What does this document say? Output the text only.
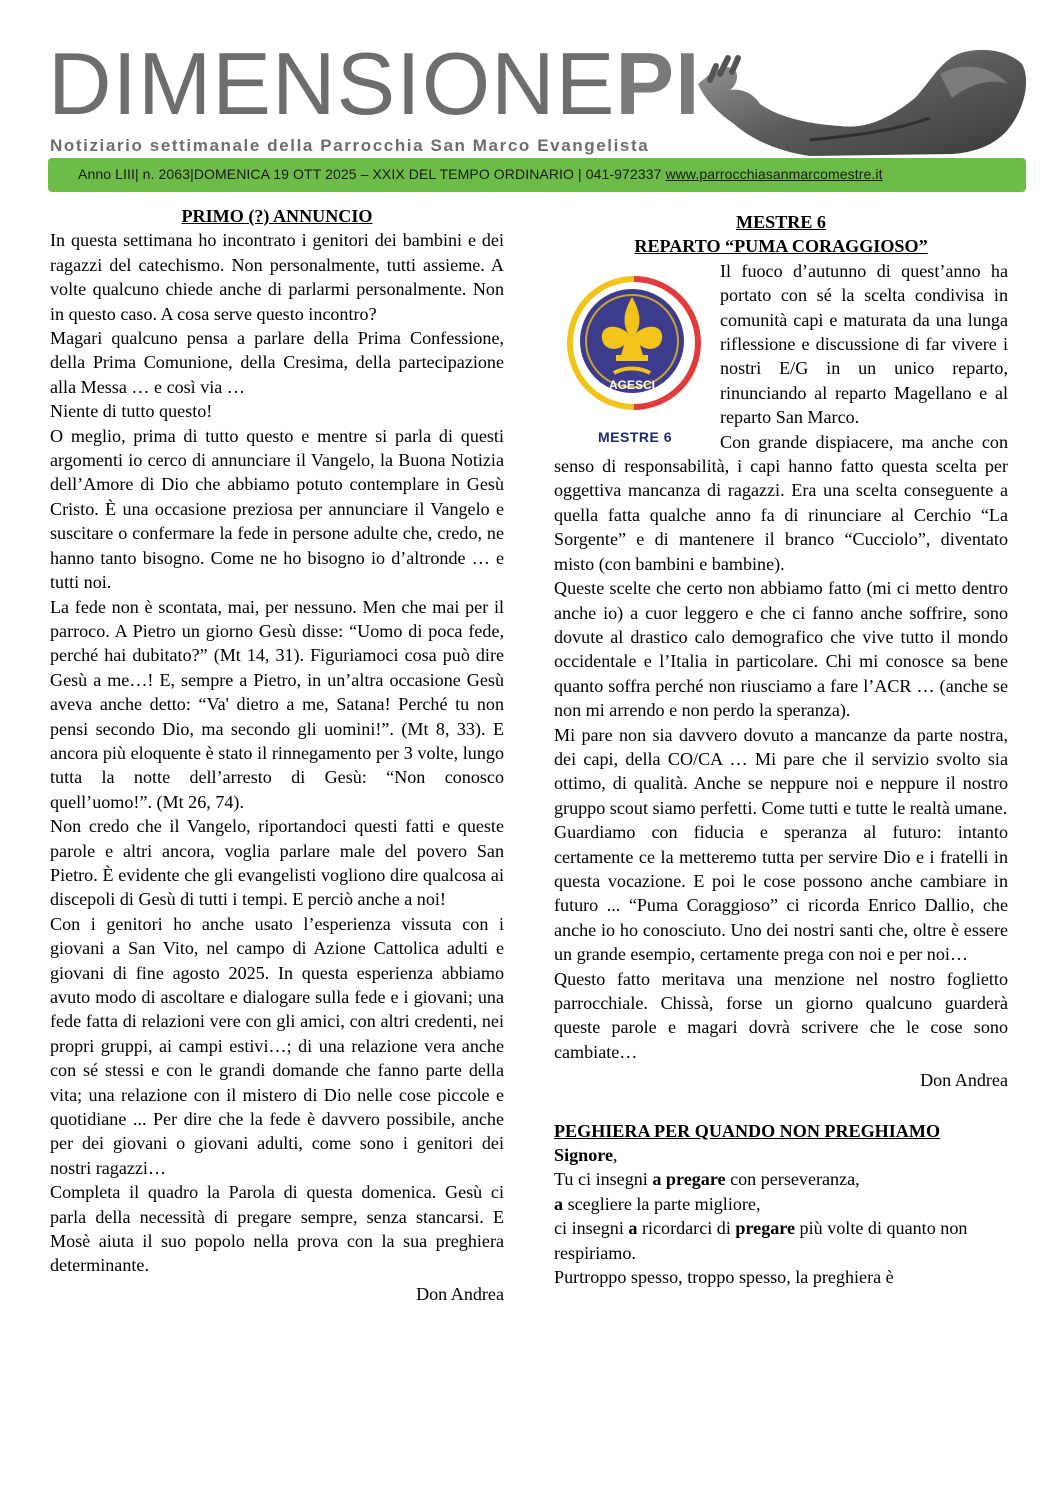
DIMENSIONEPI
Notiziario settimanale della Parrocchia San Marco Evangelista
Anno LIII| n. 2063|DOMENICA 19 OTT 2025 – XXIX DEL TEMPO ORDINARIO | 041-972337 www.parrocchiasanmarcomestre.it

PRIMO (?) ANNUNCIO

In questa settimana ho incontrato i genitori dei bambini e dei ragazzi del catechismo. Non personalmente, tutti assieme. A volte qualcuno chiede anche di parlarmi personalmente. Non in questo caso. A cosa serve questo incontro?

Magari qualcuno pensa a parlare della Prima Confessione, della Prima Comunione, della Cresima, della partecipazione alla Messa … e così via …

Niente di tutto questo!

O meglio, prima di tutto questo e mentre si parla di questi argomenti io cerco di annunciare il Vangelo, la Buona Notizia dell’Amore di Dio che abbiamo potuto contemplare in Gesù Cristo. È una occasione preziosa per annunciare il Vangelo e suscitare o confermare la fede in persone adulte che, credo, ne hanno tanto bisogno. Come ne ho bisogno io d’altronde … e tutti noi.

La fede non è scontata, mai, per nessuno. Men che mai per il parroco. A Pietro un giorno Gesù disse: “Uomo di poca fede, perché hai dubitato?” (Mt 14, 31). Figuriamoci cosa può dire Gesù a me…! E, sempre a Pietro, in un’altra occasione Gesù aveva anche detto: “Va' dietro a me, Satana! Perché tu non pensi secondo Dio, ma secondo gli uomini!”. (Mt 8, 33). E ancora più eloquente è stato il rinnegamento per 3 volte, lungo tutta la notte dell’arresto di Gesù: “Non conosco quell’uomo!”. (Mt 26, 74).

Non credo che il Vangelo, riportandoci questi fatti e queste parole e altri ancora, voglia parlare male del povero San Pietro. È evidente che gli evangelisti vogliono dire qualcosa ai discepoli di Gesù di tutti i tempi. E perciò anche a noi!

Con i genitori ho anche usato l’esperienza vissuta con i giovani a San Vito, nel campo di Azione Cattolica adulti e giovani di fine agosto 2025. In questa esperienza abbiamo avuto modo di ascoltare e dialogare sulla fede e i giovani; una fede fatta di relazioni vere con gli amici, con altri credenti, nei propri gruppi, ai campi estivi…; di una relazione vera anche con sé stessi e con le grandi domande che fanno parte della vita; una relazione con il mistero di Dio nelle cose piccole e quotidiane ... Per dire che la fede è davvero possibile, anche per dei giovani o giovani adulti, come sono i genitori dei nostri ragazzi…

Completa il quadro la Parola di questa domenica. Gesù ci parla della necessità di pregare sempre, senza stancarsi. E Mosè aiuta il suo popolo nella prova con la sua preghiera determinante.

Don Andrea

MESTRE 6

REPARTO “PUMA CORAGGIOSO”

AGESCI
MESTRE 6

Il fuoco d’autunno di quest’anno ha portato con sé la scelta condivisa in comunità capi e maturata da una lunga riflessione e discussione di far vivere i nostri E/G in un unico reparto, rinunciando al reparto Magellano e al reparto San Marco.

Con grande dispiacere, ma anche con senso di responsabilità, i capi hanno fatto questa scelta per oggettiva mancanza di ragazzi. Era una scelta conseguente a quella fatta qualche anno fa di rinunciare al Cerchio “La Sorgente” e di mantenere il branco “Cucciolo”, diventato misto (con bambini e bambine).

Queste scelte che certo non abbiamo fatto (mi ci metto dentro anche io) a cuor leggero e che ci fanno anche soffrire, sono dovute al drastico calo demografico che vive tutto il mondo occidentale e l’Italia in particolare. Chi mi conosce sa bene quanto soffra perché non riusciamo a fare l’ACR … (anche se non mi arrendo e non perdo la speranza).

Mi pare non sia davvero dovuto a mancanze da parte nostra, dei capi, della CO/CA … Mi pare che il servizio svolto sia ottimo, di qualità. Anche se neppure noi e neppure il nostro gruppo scout siamo perfetti. Come tutti e tutte le realtà umane.

Guardiamo con fiducia e speranza al futuro: intanto certamente ce la metteremo tutta per servire Dio e i fratelli in questa vocazione. E poi le cose possono anche cambiare in futuro ... “Puma Coraggioso” ci ricorda Enrico Dallio, che anche io ho conosciuto. Uno dei nostri santi che, oltre è essere un grande esempio, certamente prega con noi e per noi…

Questo fatto meritava una menzione nel nostro foglietto parrocchiale. Chissà, forse un giorno qualcuno guarderà queste parole e magari dovrà scrivere che le cose sono cambiate…

Don Andrea

PEGHIERA PER QUANDO NON PREGHIAMO

Signore,

Tu ci insegni a pregare con perseveranza,

a scegliere la parte migliore,

ci insegni a ricordarci di pregare più volte di quanto non respiriamo.

Purtroppo spesso, troppo spesso, la preghiera è
